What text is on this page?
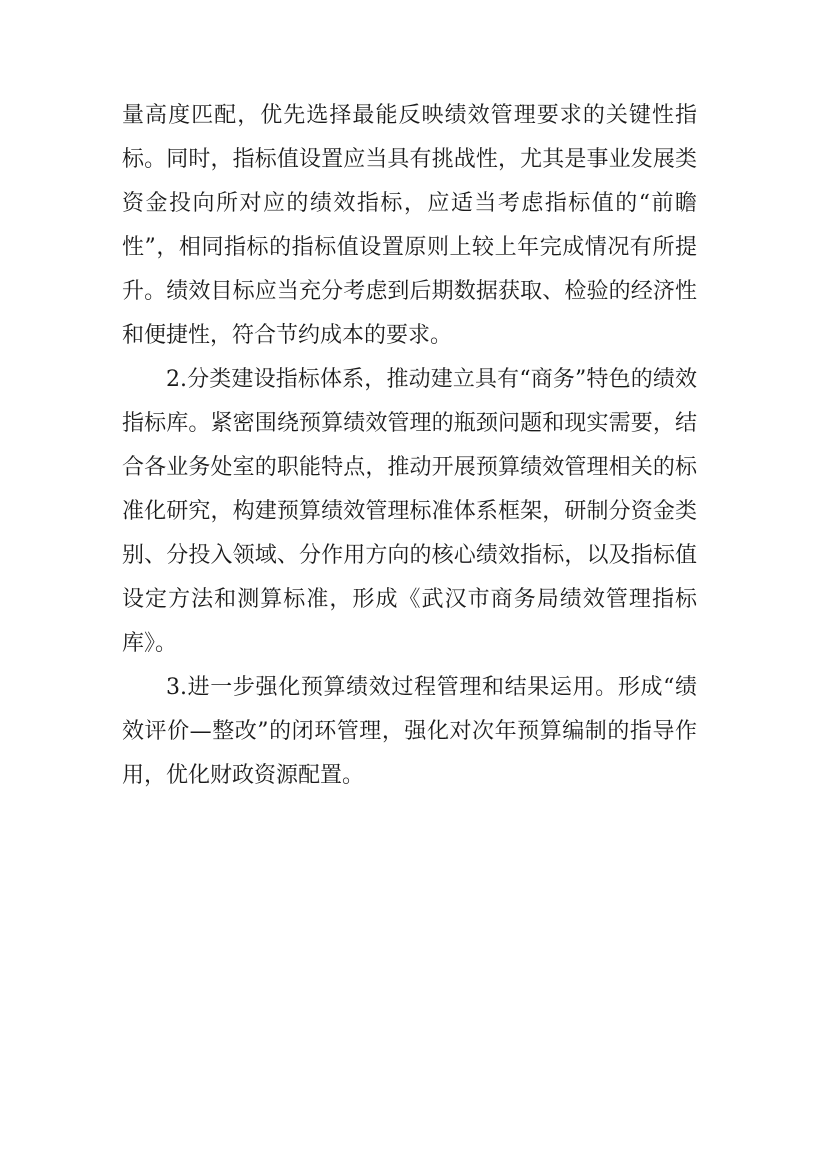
量高度匹配，优先选择最能反映绩效管理要求的关键性指标。同时，指标值设置应当具有挑战性，尤其是事业发展类资金投向所对应的绩效指标，应适当考虑指标值的“前瞻性”，相同指标的指标值设置原则上较上年完成情况有所提升。绩效目标应当充分考虑到后期数据获取、检验的经济性和便捷性，符合节约成本的要求。

2.分类建设指标体系，推动建立具有“商务”特色的绩效指标库。紧密围绕预算绩效管理的瓶颈问题和现实需要，结合各业务处室的职能特点，推动开展预算绩效管理相关的标准化研究，构建预算绩效管理标准体系框架，研制分资金类别、分投入领域、分作用方向的核心绩效指标，以及指标值设定方法和测算标准，形成《武汉市商务局绩效管理指标库》。

3.进一步强化预算绩效过程管理和结果运用。形成“绩效评价—整改”的闭环管理，强化对次年预算编制的指导作用，优化财政资源配置。
